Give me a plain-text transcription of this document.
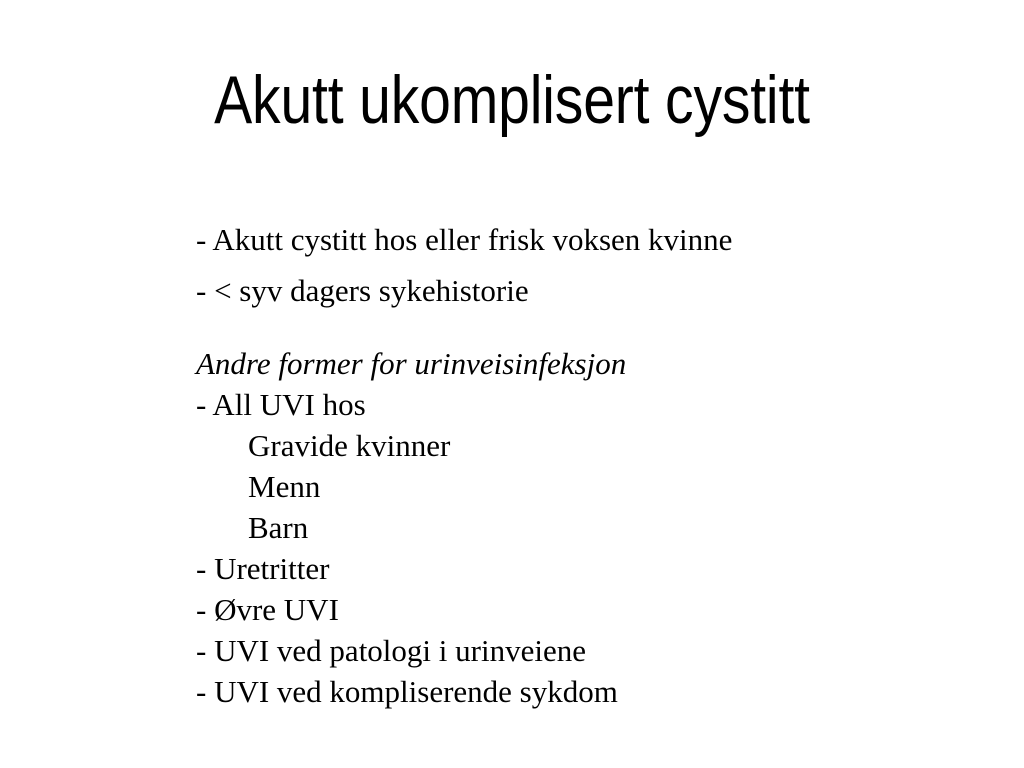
Akutt ukomplisert cystitt
- Akutt cystitt hos eller frisk voksen kvinne
- < syv dagers sykehistorie
Andre former for urinveisinfeksjon
- All UVI hos
Gravide kvinner
Menn
Barn
- Uretritter
- Øvre UVI
- UVI ved patologi i urinveiene
- UVI ved kompliserende sykdom
